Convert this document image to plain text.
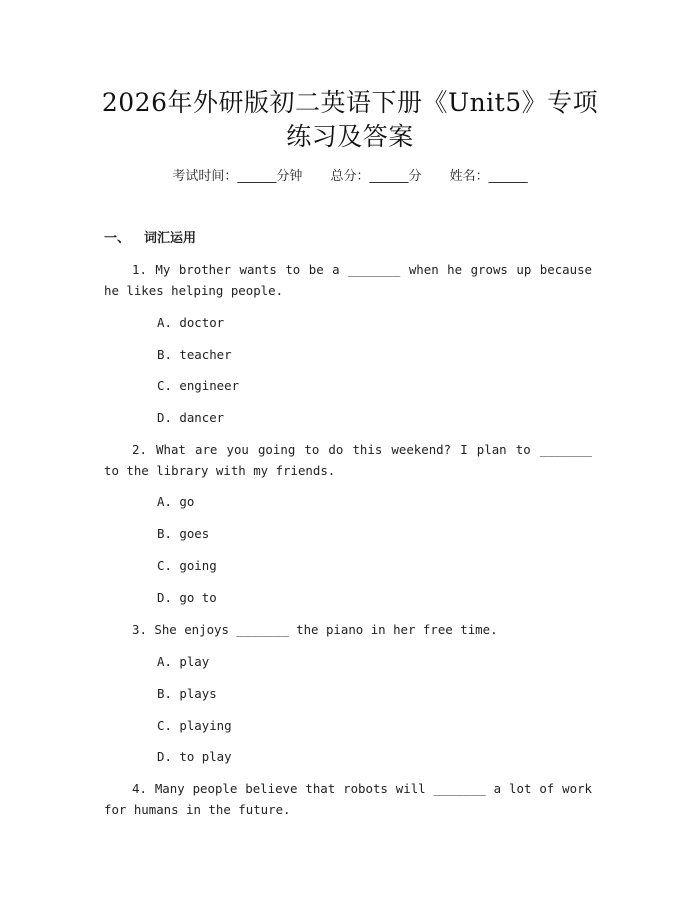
2026年外研版初二英语下册《Unit5》专项
练习及答案
考试时间：______分钟 总分：______分 姓名：______
一、 词汇运用
1. My brother wants to be a _______ when he grows up because he likes helping people.
A. doctor
B. teacher
C. engineer
D. dancer
2. What are you going to do this weekend? I plan to _______ to the library with my friends.
A. go
B. goes
C. going
D. go to
3. She enjoys _______ the piano in her free time.
A. play
B. plays
C. playing
D. to play
4. Many people believe that robots will _______ a lot of work for humans in the future.
